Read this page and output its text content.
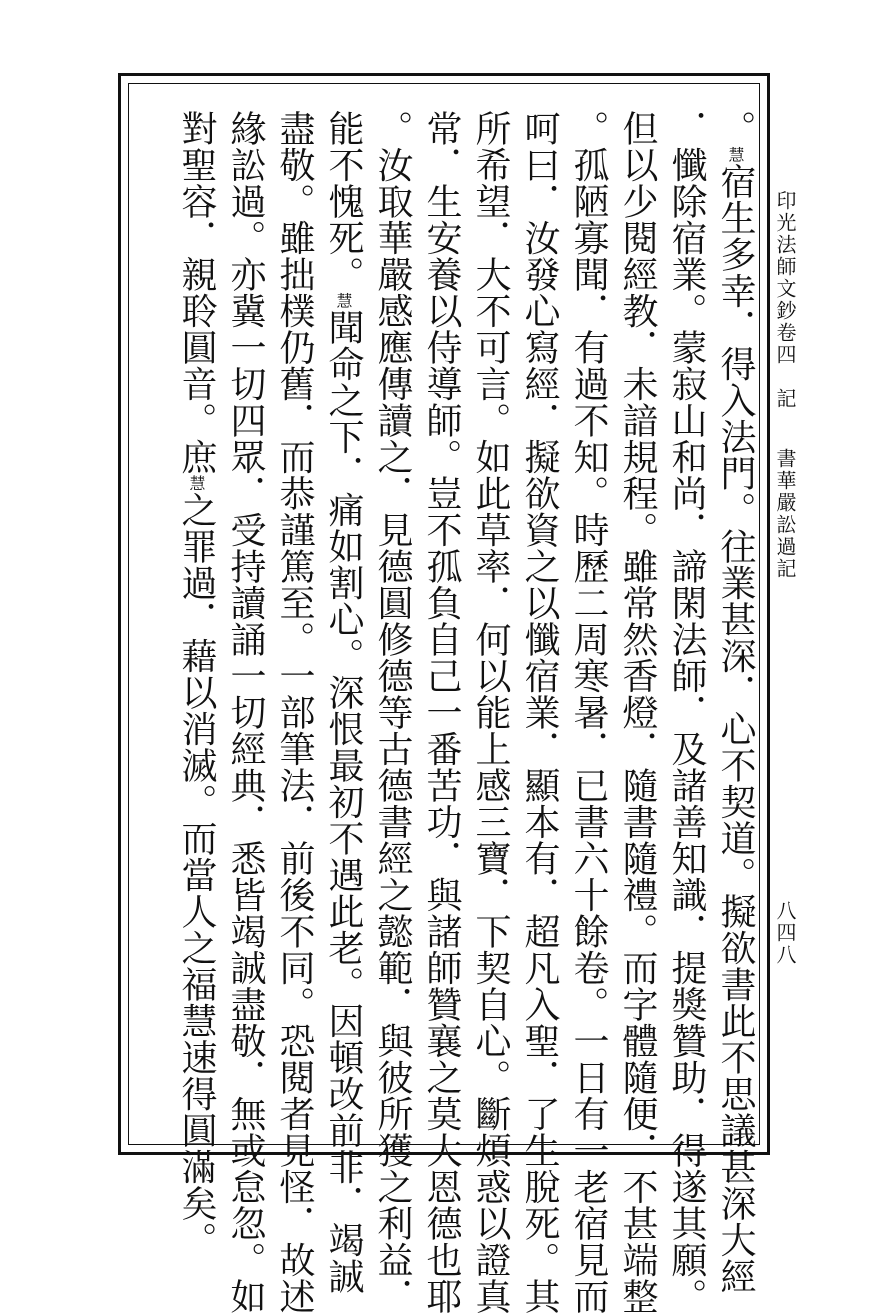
印光法師文鈔卷四　記
書華嚴訟過記
八四八
。慧宿生多幸．得入法門。往業甚深．心不契道。擬欲書此不思議甚深大經
．懺除宿業。蒙寂山和尚．諦閑法師．及諸善知識．提獎贊助．得遂其願。
但以少閱經教．未諳規程。雖常然香燈．隨書隨禮。而字體隨便．不甚端整
。孤陋寡聞．有過不知。時歷二周寒暑．已書六十餘卷。一日有一老宿見而
呵曰．汝發心寫經．擬欲資之以懺宿業．顯本有．超凡入聖．了生脫死。其
所希望．大不可言。如此草率．何以能上感三寶．下契自心。斷煩惑以證真
常．生安養以侍導師。豈不孤負自己一番苦功．與諸師贊襄之莫大恩德也耶
。汝取華嚴感應傳讀之．見德圓修德等古德書經之懿範．與彼所獲之利益．
能不愧死。慧聞命之下．痛如割心。深恨最初不遇此老。因頓改前非．竭誠
盡敬。雖拙樸仍舊．而恭謹篤至。一部筆法．前後不同。恐閱者見怪．故述
緣訟過。亦冀一切四眾．受持讀誦一切經典．悉皆竭誠盡敬．無或怠忽。如
對聖容．親聆圓音。庶慧之罪過．藉以消滅。而當人之福慧速得圓滿矣。
